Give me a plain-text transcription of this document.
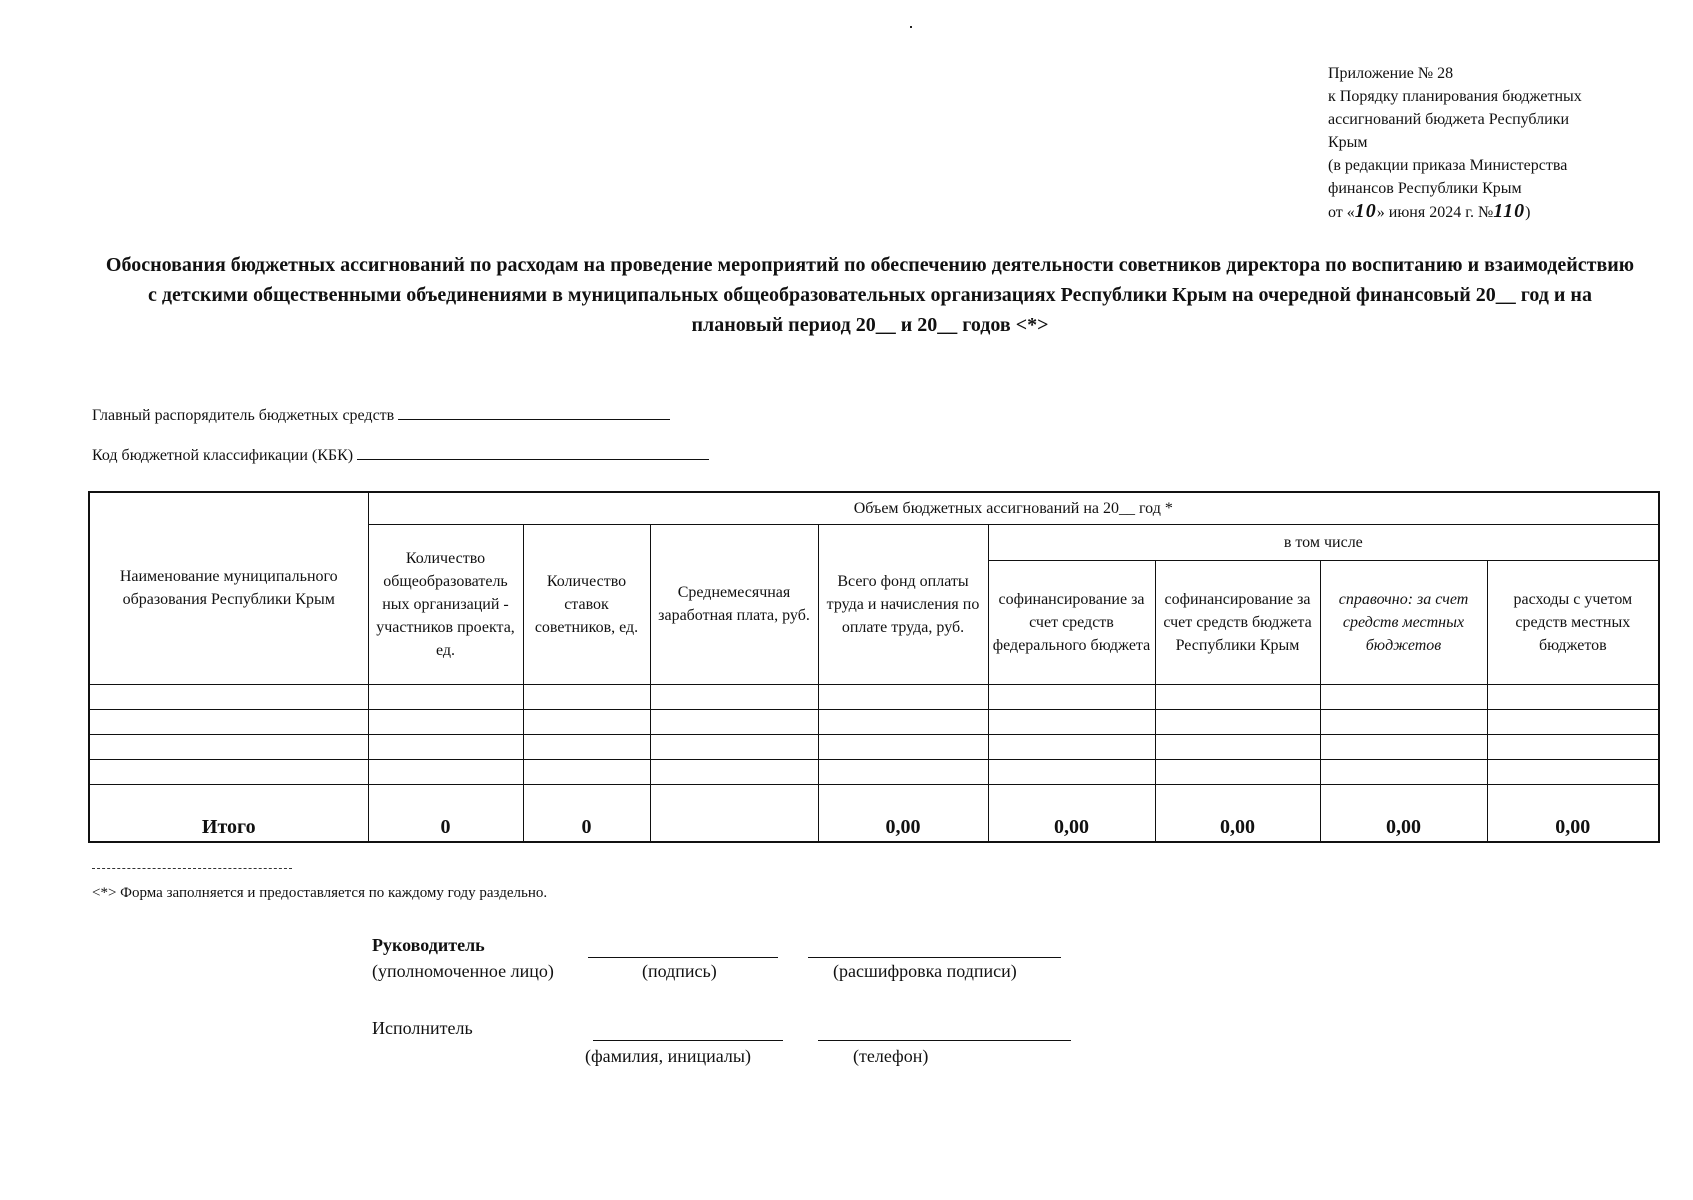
Приложение № 28
к Порядку планирования бюджетных
ассигнований бюджета Республики
Крым
(в редакции приказа Министерства
финансов Республики Крым
от «10» июня 2024 г. №110)
Обоснования бюджетных ассигнований по расходам на проведение мероприятий по обеспечению деятельности советников директора по воспитанию и взаимодействию с детскими общественными объединениями в муниципальных общеобразовательных организациях Республики Крым на очередной финансовый 20__ год и на плановый период 20__ и 20__ годов <*>
Главный распорядитель бюджетных средств
Код бюджетной классификации (КБК)
Наименование муниципального образования Республики Крым	Объем бюджетных ассигнований на 20__ год *							
	Количество общеобразователь ных организаций - участников проекта, ед.	Количество ставок советников, ед.	Среднемесячная заработная плата, руб.	Всего фонд оплаты труда и начисления по оплате труда, руб.	в том числе			
					софинансирование за счет средств федерального бюджета	софинансирование за счет средств бюджета Республики Крым	справочно: за счет средств местных бюджетов	расходы с учетом средств местных бюджетов

Итого	0	0		0,00	0,00	0,00	0,00	0,00
<*> Форма заполняется и предоставляется по каждому году раздельно.
Руководитель
(уполномоченное лицо)	(подпись)	(расшифровка подписи)
Исполнитель
(фамилия, инициалы)	(телефон)
